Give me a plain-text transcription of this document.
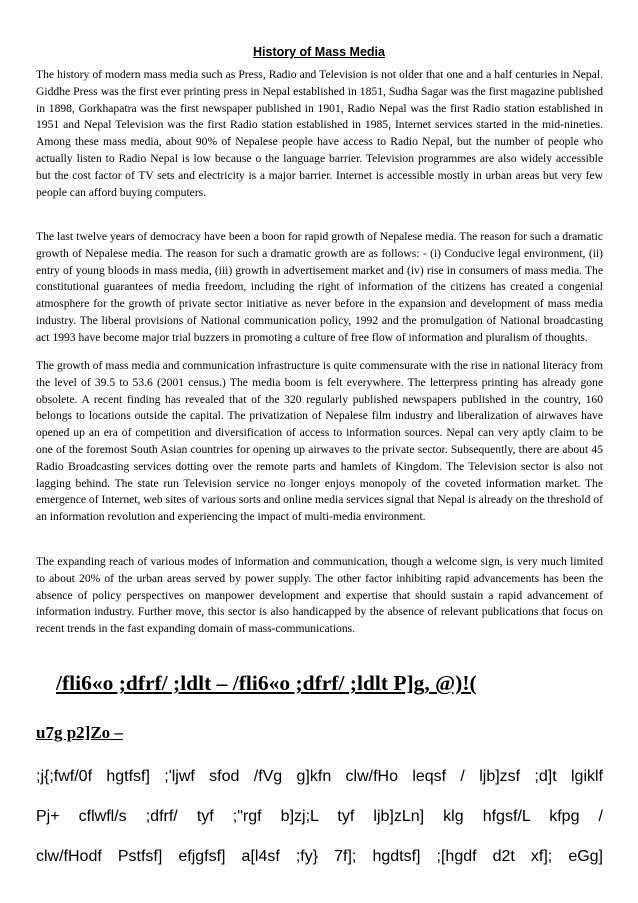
History of Mass Media

The history of modern mass media such as Press, Radio and Television is not older that one and a half centuries in Nepal. Giddhe Press was the first ever printing press in Nepal established in 1851, Sudha Sagar was the first magazine published in 1898, Gorkhapatra was the first newspaper published in 1901, Radio Nepal was the first Radio station established in 1951 and Nepal Television was the first Radio station established in 1985, Internet services started in the mid-nineties. Among these mass media, about 90% of Nepalese people have access to Radio Nepal, but the number of people who actually listen to Radio Nepal is low because o the language barrier. Television programmes are also widely accessible but the cost factor of TV sets and electricity is a major barrier. Internet is accessible mostly in urban areas but very few people can afford buying computers.

The last twelve years of democracy have been a boon for rapid growth of Nepalese media. The reason for such a dramatic growth of Nepalese media. The reason for such a dramatic growth are as follows: - (i) Conducive legal environment, (ii) entry of young bloods in mass media, (iii) growth in advertisement market and (iv) rise in consumers of mass media. The constitutional guarantees of media freedom, including the right of information of the citizens has created a congenial atmosphere for the growth of private sector initiative as never before in the expansion and development of mass media industry. The liberal provisions of National communication policy, 1992 and the promulgation of National broadcasting act 1993 have become major trial buzzers in promoting a culture of free flow of information and pluralism of thoughts.

The growth of mass media and communication infrastructure is quite commensurate with the rise in national literacy from the level of 39.5 to 53.6 (2001 census.) The media boom is felt everywhere. The letterpress printing has already gone obsolete. A recent finding has revealed that of the 320 regularly published newspapers published in the country, 160 belongs to locations outside the capital. The privatization of Nepalese film industry and liberalization of airwaves have opened up an era of competition and diversification of access to information sources. Nepal can very aptly claim to be one of the foremost South Asian countries for opening up airwaves to the private sector. Subsequently, there are about 45 Radio Broadcasting services dotting over the remote parts and hamlets of Kingdom. The Television sector is also not lagging behind. The state run Television service no longer enjoys monopoly of the coveted information market. The emergence of Internet, web sites of various sorts and online media services signal that Nepal is already on the threshold of an information revolution and experiencing the impact of multi-media environment.

The expanding reach of various modes of information and communication, though a welcome sign, is very much limited to about 20% of the urban areas served by power supply. The other factor inhibiting rapid advancements has been the absence of policy perspectives on manpower development and expertise that should sustain a rapid advancement of information industry. Further move, this sector is also handicapped by the absence of relevant publications that focus on recent trends in the fast expanding domain of mass-communications.

/fli6«o ;dfrf/ ;ldlt – /fli6«o ;dfrf/ ;ldlt P]g, @)!(
u7g p2]Zo –

;j{;fwf/0f hgtfsf] ;'ljwf sfod /fVg g]kfn clw/fHo leqsf / ljb]zsf ;d]t lgiklf
Pj+ cflwfl/s ;dfrf/ tyf ;"rgf b]zj;L tyf ljb]zLn] klg hfgsf/L kfpg /
clw/fHodf Pstfsf] efjgfsf] a[l4sf ;fy} 7f]; hgdtsf] ;[hgdf d2t xf]; eGg]
